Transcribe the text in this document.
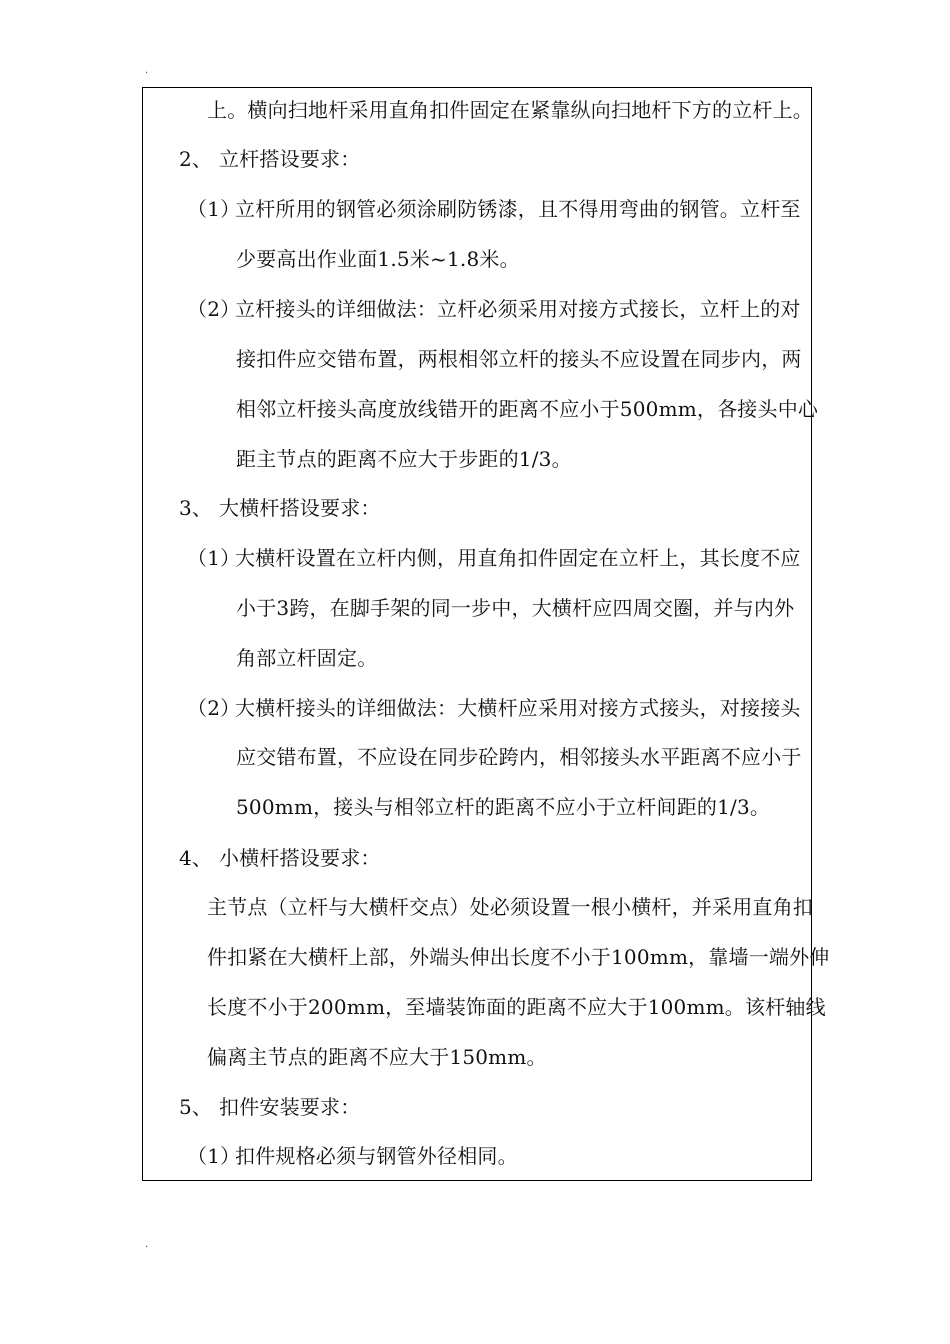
.
上。横向扫地杆采用直角扣件固定在紧靠纵向扫地杆下方的立杆上。
2、 立杆搭设要求：
（1）立杆所用的钢管必须涂刷防锈漆，且不得用弯曲的钢管。立杆至
少要高出作业面1.5米~1.8米。
（2）立杆接头的详细做法：立杆必须采用对接方式接长，立杆上的对
接扣件应交错布置，两根相邻立杆的接头不应设置在同步内，两
相邻立杆接头高度放线错开的距离不应小于500mm，各接头中心
距主节点的距离不应大于步距的1/3。
3、 大横杆搭设要求：
（1）大横杆设置在立杆内侧，用直角扣件固定在立杆上，其长度不应
小于3跨，在脚手架的同一步中，大横杆应四周交圈，并与内外
角部立杆固定。
（2）大横杆接头的详细做法：大横杆应采用对接方式接头，对接接头
应交错布置，不应设在同步砼跨内，相邻接头水平距离不应小于
500mm，接头与相邻立杆的距离不应小于立杆间距的1/3。
4、 小横杆搭设要求：
主节点（立杆与大横杆交点）处必须设置一根小横杆，并采用直角扣
件扣紧在大横杆上部，外端头伸出长度不小于100mm，靠墙一端外伸
长度不小于200mm，至墙装饰面的距离不应大于100mm。该杆轴线
偏离主节点的距离不应大于150mm。
5、 扣件安装要求：
（1）扣件规格必须与钢管外径相同。
.
